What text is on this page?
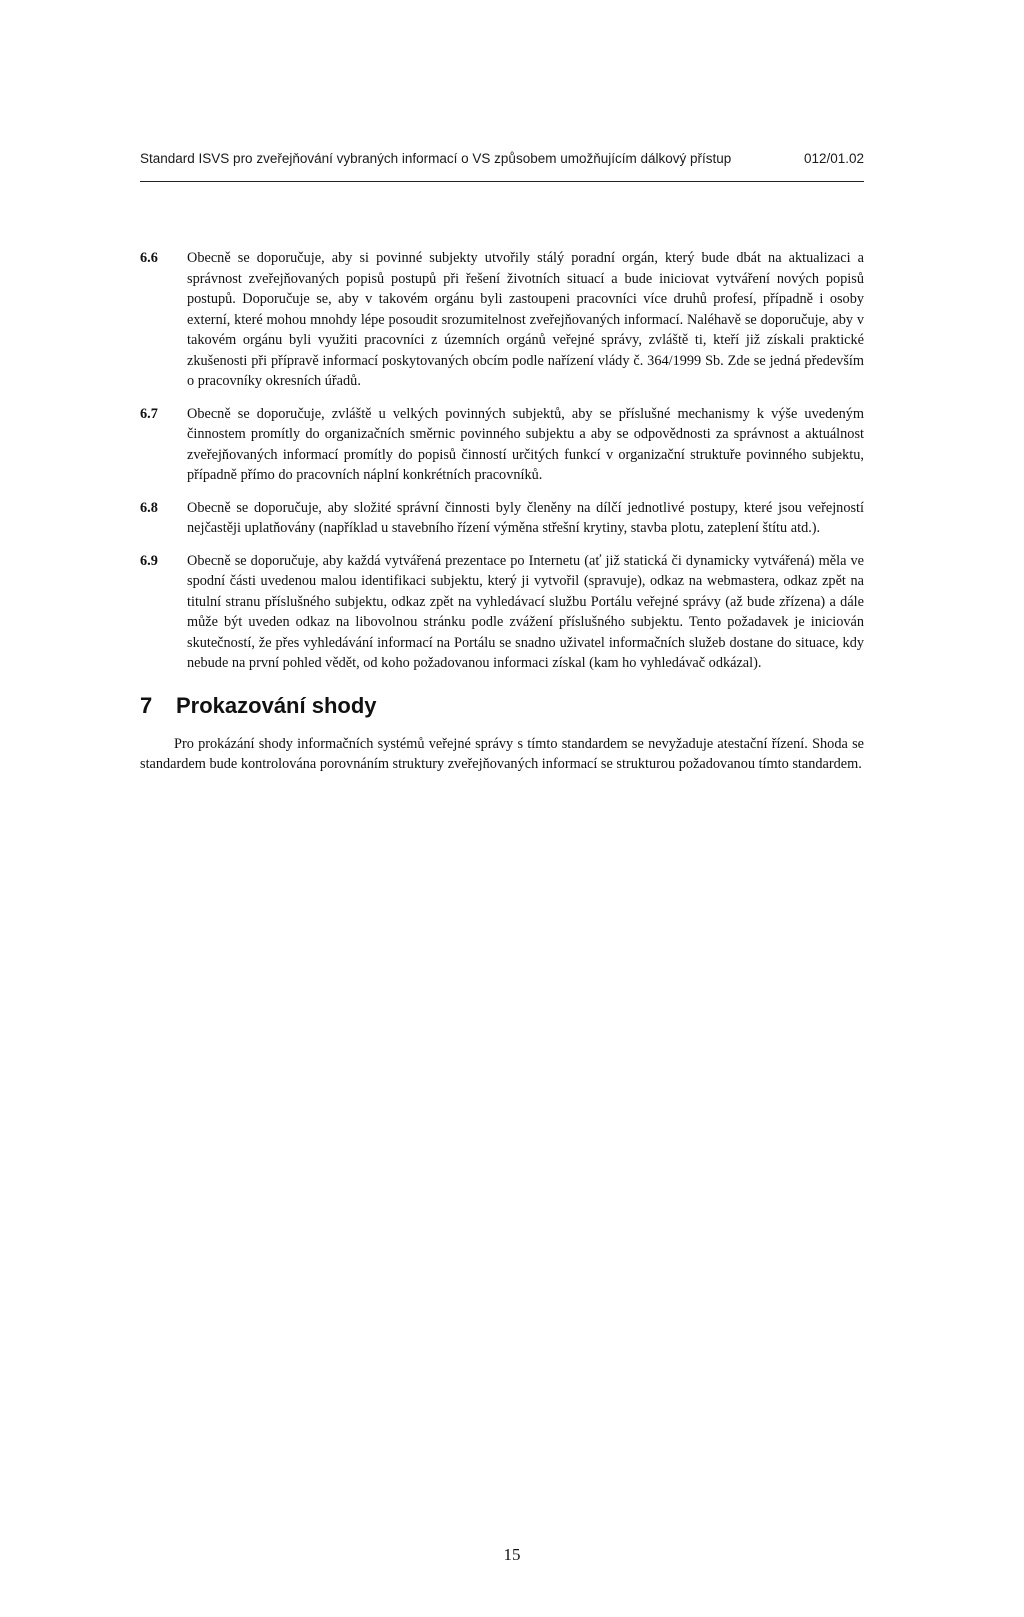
Standard ISVS pro zveřejňování vybraných informací o VS způsobem umožňujícím dálkový přístup	012/01.02
6.6	Obecně se doporučuje, aby si povinné subjekty utvořily stálý poradní orgán, který bude dbát na aktualizaci a správnost zveřejňovaných popisů postupů při řešení životních situací a bude iniciovat vytváření nových popisů postupů. Doporučuje se, aby v takovém orgánu byli zastoupeni pracovníci více druhů profesí, případně i osoby externí, které mohou mnohdy lépe posoudit srozumitelnost zveřejňovaných informací. Naléhavě se doporučuje, aby v takovém orgánu byli využiti pracovníci z územních orgánů veřejné správy, zvláště ti, kteří již získali praktické zkušenosti při přípravě informací poskytovaných obcím podle nařízení vlády č. 364/1999 Sb. Zde se jedná především o pracovníky okresních úřadů.
6.7	Obecně se doporučuje, zvláště u velkých povinných subjektů, aby se příslušné mechanismy k výše uvedeným činnostem promítly do organizačních směrnic povinného subjektu a aby se odpovědnosti za správnost a aktuálnost zveřejňovaných informací promítly do popisů činností určitých funkcí v organizační struktuře povinného subjektu, případně přímo do pracovních náplní konkrétních pracovníků.
6.8	Obecně se doporučuje, aby složité správní činnosti byly členěny na dílčí jednotlivé postupy, které jsou veřejností nejčastěji uplatňovány (například u stavebního řízení výměna střešní krytiny, stavba plotu, zateplení štítu atd.).
6.9	Obecně se doporučuje, aby každá vytvářená prezentace po Internetu (ať již statická či dynamicky vytvářená) měla ve spodní části uvedenou malou identifikaci subjektu, který ji vytvořil (spravuje), odkaz na webmastera, odkaz zpět na titulní stranu příslušného subjektu, odkaz zpět na vyhledávací službu Portálu veřejné správy (až bude zřízena) a dále může být uveden odkaz na libovolnou stránku podle zvážení příslušného subjektu. Tento požadavek je iniciován skutečností, že přes vyhledávání informací na Portálu se snadno uživatel informačních služeb dostane do situace, kdy nebude na první pohled vědět, od koho požadovanou informaci získal (kam ho vyhledávač odkázal).
7	Prokazování shody
Pro prokázání shody informačních systémů veřejné správy s tímto standardem se nevyžaduje atestační řízení. Shoda se standardem bude kontrolována porovnáním struktury zveřejňovaných informací se strukturou požadovanou tímto standardem.
15
